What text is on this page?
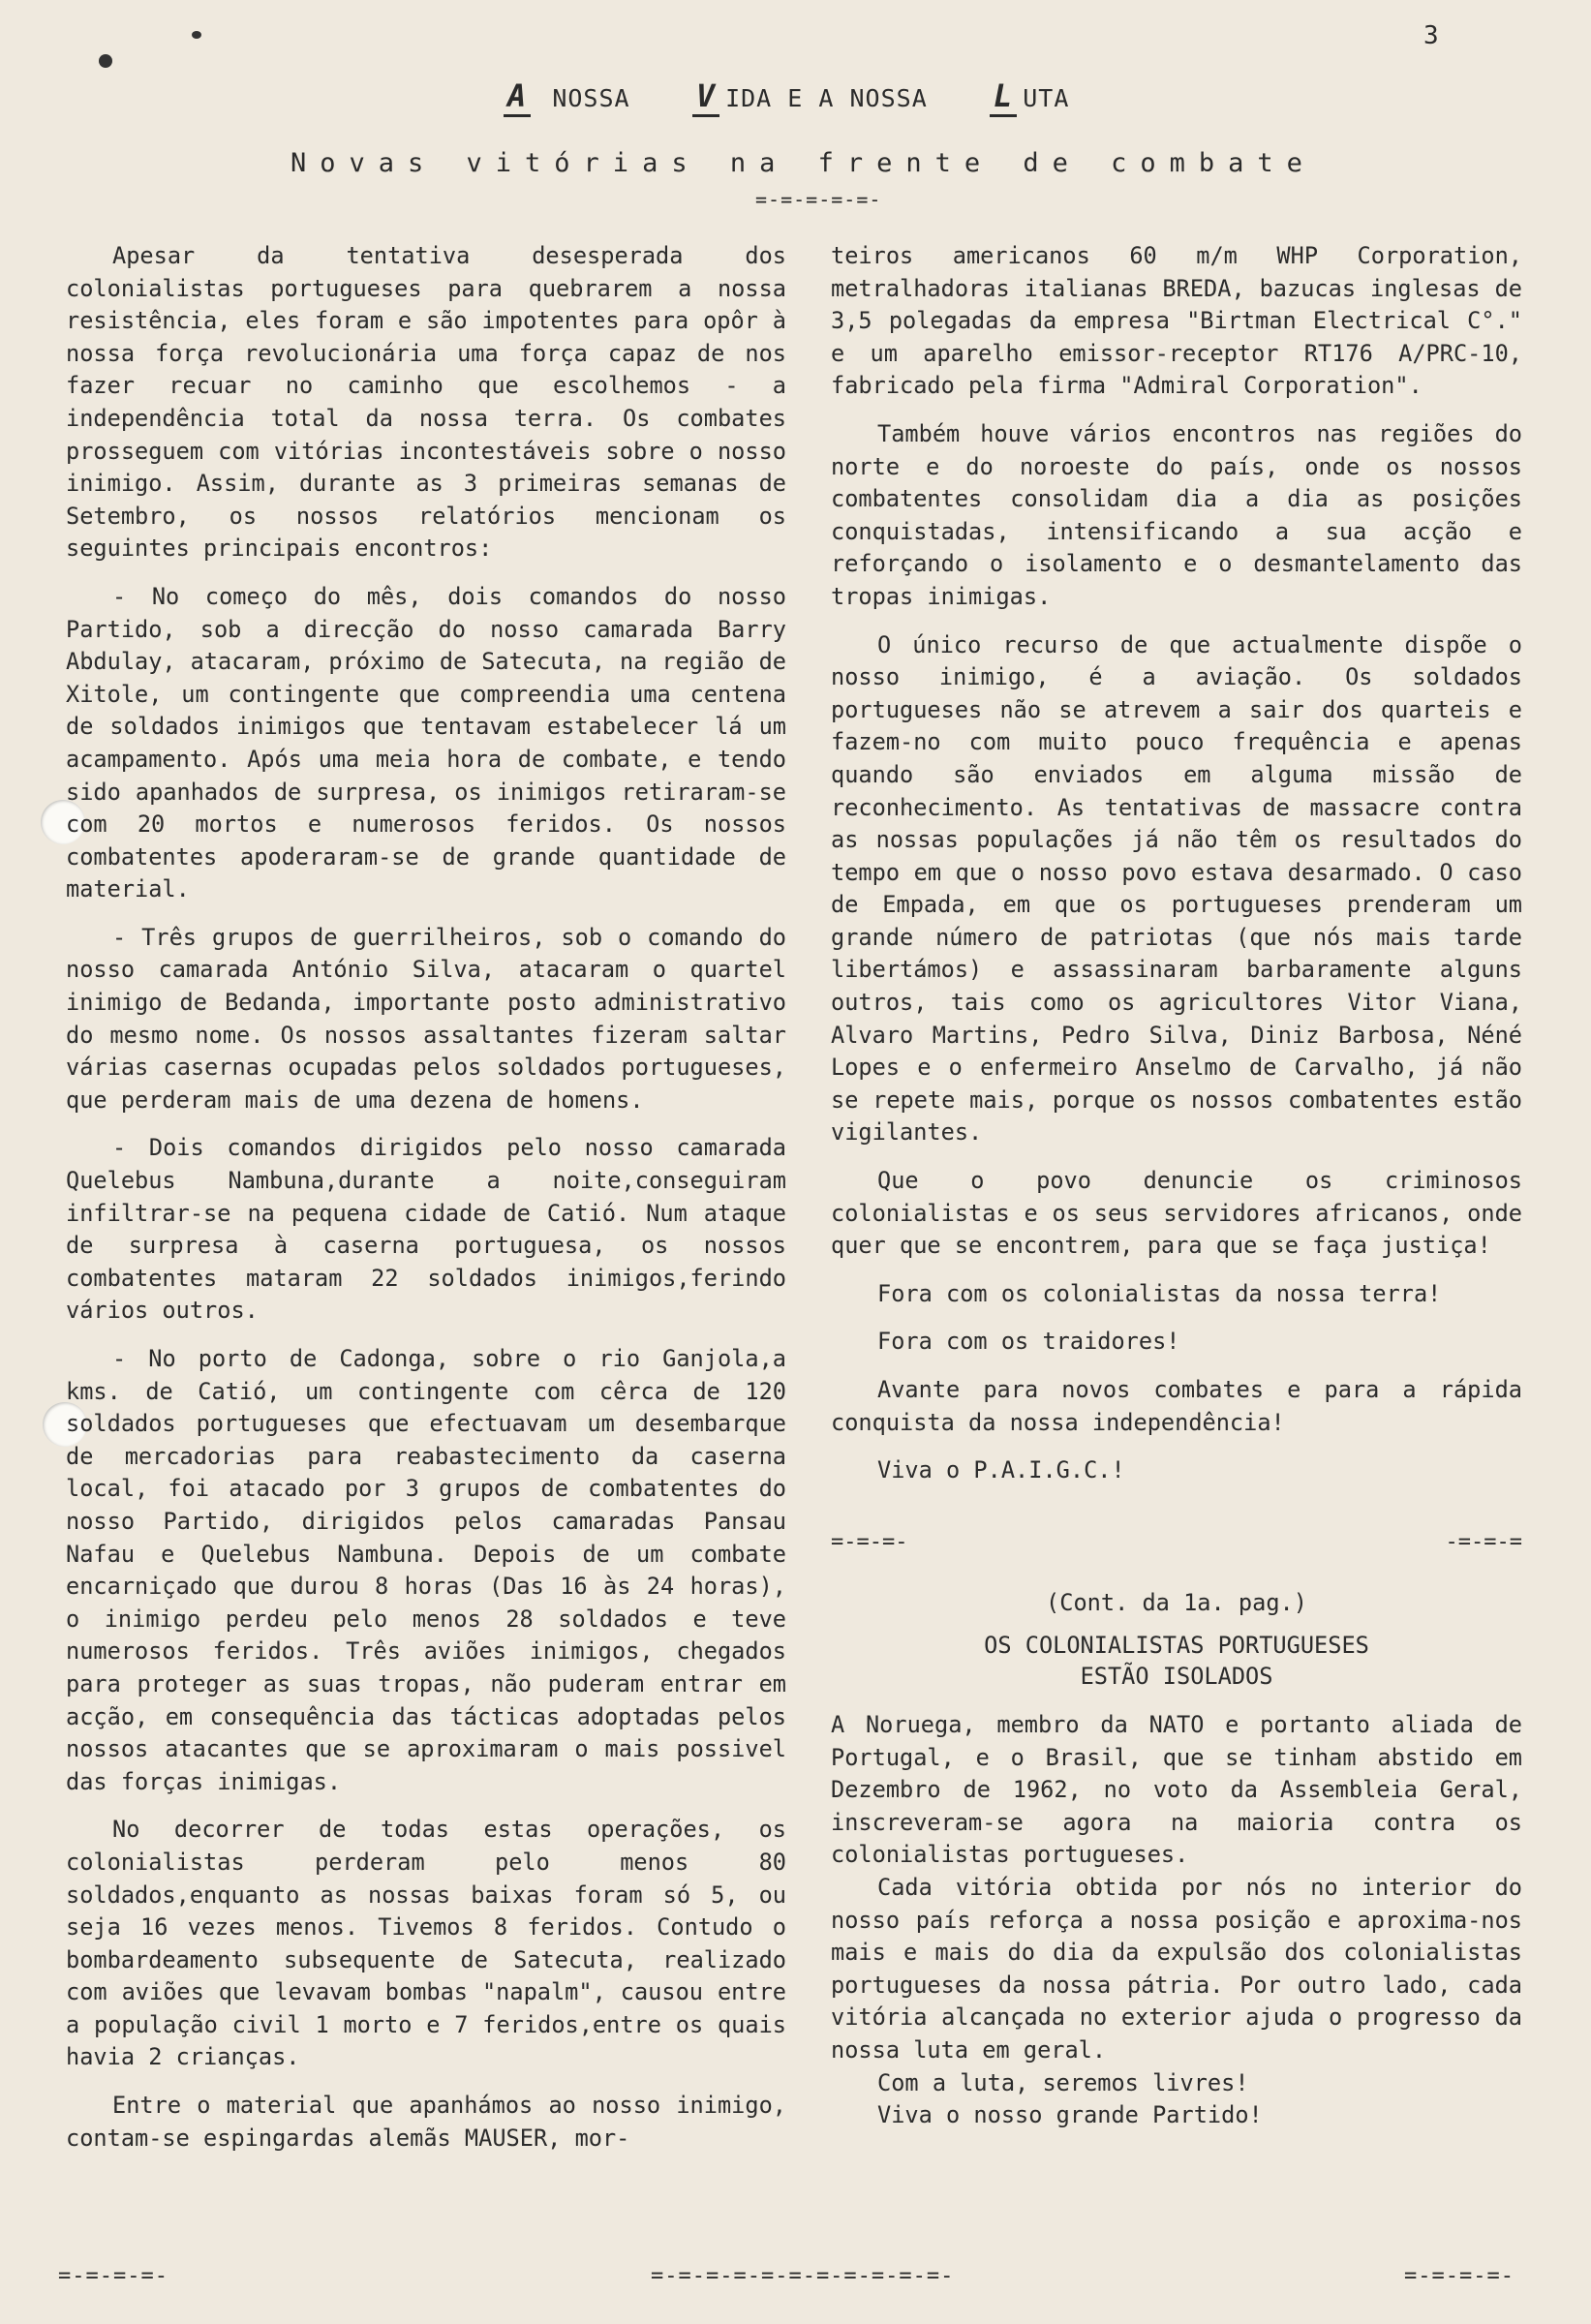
3
A NOSSA V IDA E A NOSSA L UTA
Novas vitórias na frente de combate
=-=-=-=-=-

Apesar da tentativa desesperada dos colonialistas portugueses para quebrarem a nossa resistência, eles foram e são impotentes para opôr à nossa força revolucionária uma força capaz de nos fazer recuar no caminho que escolhemos - a independência total da nossa terra. Os combates prosseguem com vitórias incontestáveis sobre o nosso inimigo. Assim, durante as 3 primeiras semanas de Setembro, os nossos relatórios mencionam os seguintes principais encontros:

- No começo do mês, dois comandos do nosso Partido, sob a direcção do nosso camarada Barry Abdulay, atacaram, próximo de Satecuta, na região de Xitole, um contingente que compreendia uma centena de soldados inimigos que tentavam estabelecer lá um acampamento. Após uma meia hora de combate, e tendo sido apanhados de surpresa, os inimigos retiraram-se com 20 mortos e numerosos feridos. Os nossos combatentes apoderaram-se de grande quantidade de material.

- Três grupos de guerrilheiros, sob o comando do nosso camarada António Silva, atacaram o quartel inimigo de Bedanda, importante posto administrativo do mesmo nome. Os nossos assaltantes fizeram saltar várias casernas ocupadas pelos soldados portugueses, que perderam mais de uma dezena de homens.

- Dois comandos dirigidos pelo nosso camarada Quelebus Nambuna,durante a noite,conseguiram infiltrar-se na pequena cidade de Catió. Num ataque de surpresa à caserna portuguesa, os nossos combatentes mataram 22 soldados inimigos,ferindo vários outros.

- No porto de Cadonga, sobre o rio Ganjola,a kms. de Catió, um contingente com cêrca de 120 soldados portugueses que efectuavam um desembarque de mercadorias para reabastecimento da caserna local, foi atacado por 3 grupos de combatentes do nosso Partido, dirigidos pelos camaradas Pansau Nafau e Quelebus Nambuna. Depois de um combate encarniçado que durou 8 horas (Das 16 às 24 horas), o inimigo perdeu pelo menos 28 soldados e teve numerosos feridos. Três aviões inimigos, chegados para proteger as suas tropas, não puderam entrar em acção, em consequência das tácticas adoptadas pelos nossos atacantes que se aproximaram o mais possivel das forças inimigas.

No decorrer de todas estas operações, os colonialistas perderam pelo menos 80 soldados,enquanto as nossas baixas foram só 5, ou seja 16 vezes menos. Tivemos 8 feridos. Contudo o bombardeamento subsequente de Satecuta, realizado com aviões que levavam bombas "napalm", causou entre a população civil 1 morto e 7 feridos,entre os quais havia 2 crianças.

Entre o material que apanhámos ao nosso inimigo, contam-se espingardas alemãs MAUSER, mor-

teiros americanos 60 m/m WHP Corporation, metralhadoras italianas BREDA, bazucas inglesas de 3,5 polegadas da empresa "Birtman Electrical C°." e um aparelho emissor-receptor RT176 A/PRC-10, fabricado pela firma "Admiral Corporation".

Também houve vários encontros nas regiões do norte e do noroeste do país, onde os nossos combatentes consolidam dia a dia as posições conquistadas, intensificando a sua acção e reforçando o isolamento e o desmantelamento das tropas inimigas.

O único recurso de que actualmente dispõe o nosso inimigo, é a aviação. Os soldados portugueses não se atrevem a sair dos quarteis e fazem-no com muito pouco frequência e apenas quando são enviados em alguma missão de reconhecimento. As tentativas de massacre contra as nossas populações já não têm os resultados do tempo em que o nosso povo estava desarmado. O caso de Empada, em que os portugueses prenderam um grande número de patriotas (que nós mais tarde libertámos) e assassinaram barbaramente alguns outros, tais como os agricultores Vitor Viana, Alvaro Martins, Pedro Silva, Diniz Barbosa, Néné Lopes e o enfermeiro Anselmo de Carvalho, já não se repete mais, porque os nossos combatentes estão vigilantes.

Que o povo denuncie os criminosos colonialistas e os seus servidores africanos, onde quer que se encontrem, para que se faça justiça!

Fora com os colonialistas da nossa terra!

Fora com os traidores!

Avante para novos combates e para a rápida conquista da nossa independência!

Viva o P.A.I.G.C.!

=-=-=-	-=-=-=

(Cont. da 1a. pag.)

OS COLONIALISTAS PORTUGUESES
ESTÃO ISOLADOS

A Noruega, membro da NATO e portanto aliada de Portugal, e o Brasil, que se tinham abstido em Dezembro de 1962, no voto da Assembleia Geral, inscreveram-se agora na maioria contra os colonialistas portugueses.

Cada vitória obtida por nós no interior do nosso país reforça a nossa posição e aproxima-nos mais e mais do dia da expulsão dos colonialistas portugueses da nossa pátria. Por outro lado, cada vitória alcançada no exterior ajuda o progresso da nossa luta em geral.

Com a luta, seremos livres!

Viva o nosso grande Partido!

=-=-=-=-	=-=-=-=-=-=-=-=-=-=-=-	=-=-=-=-
